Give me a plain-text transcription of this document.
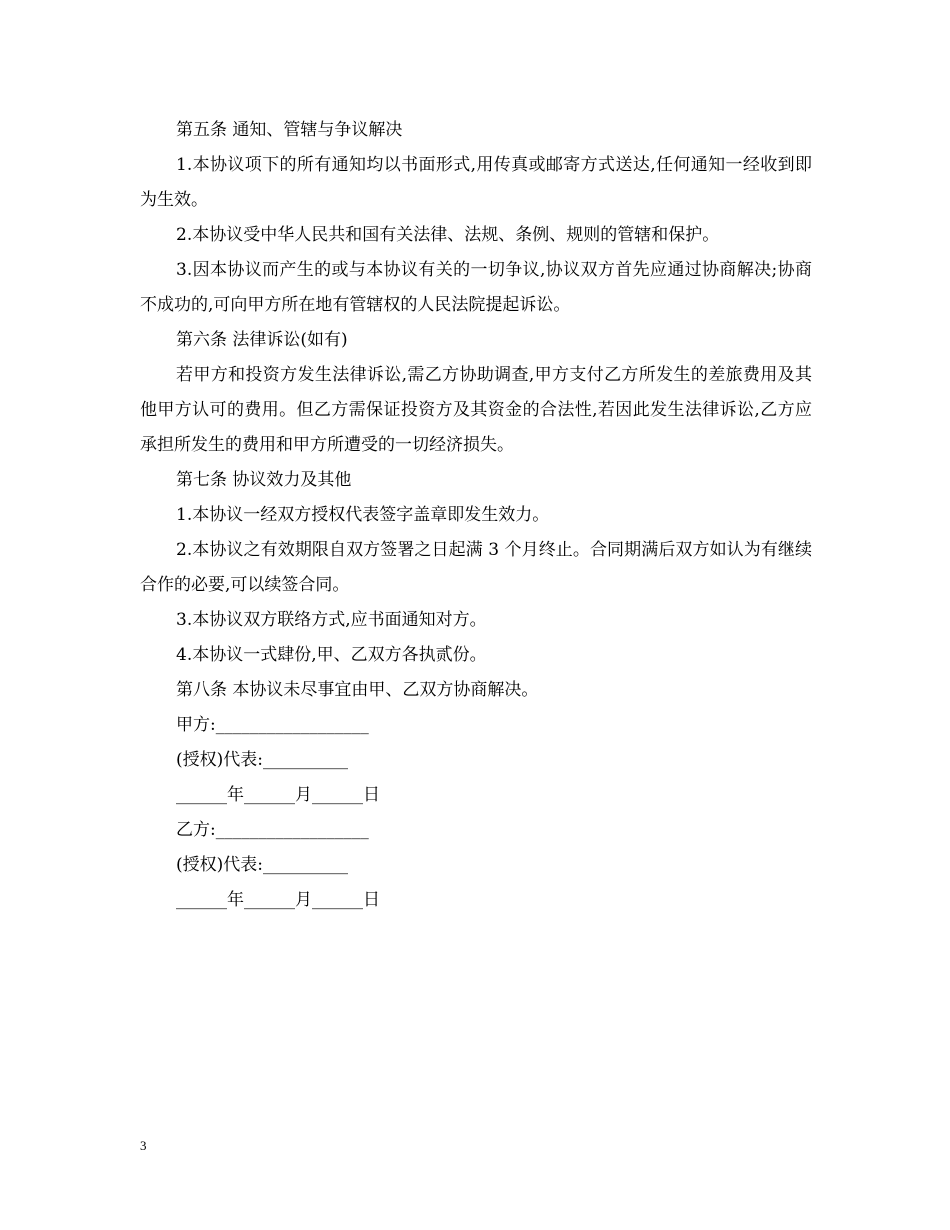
第五条 通知、管辖与争议解决

1.本协议项下的所有通知均以书面形式,用传真或邮寄方式送达,任何通知一经收到即为生效。

2.本协议受中华人民共和国有关法律、法规、条例、规则的管辖和保护。

3.因本协议而产生的或与本协议有关的一切争议,协议双方首先应通过协商解决;协商不成功的,可向甲方所在地有管辖权的人民法院提起诉讼。

第六条 法律诉讼(如有)

若甲方和投资方发生法律诉讼,需乙方协助调查,甲方支付乙方所发生的差旅费用及其他甲方认可的费用。但乙方需保证投资方及其资金的合法性,若因此发生法律诉讼,乙方应承担所发生的费用和甲方所遭受的一切经济损失。

第七条 协议效力及其他
1.本协议一经双方授权代表签字盖章即发生效力。

2.本协议之有效期限自双方签署之日起满 3 个月终止。合同期满后双方如认为有继续合作的必要,可以续签合同。

3.本协议双方联络方式,应书面通知对方。
4.本协议一式肆份,甲、乙双方各执贰份。
第八条 本协议未尽事宜由甲、乙双方协商解决。
甲方:__________________
(授权)代表:__________
______年______月______日
乙方:__________________
(授权)代表:__________
______年______月______日
3
